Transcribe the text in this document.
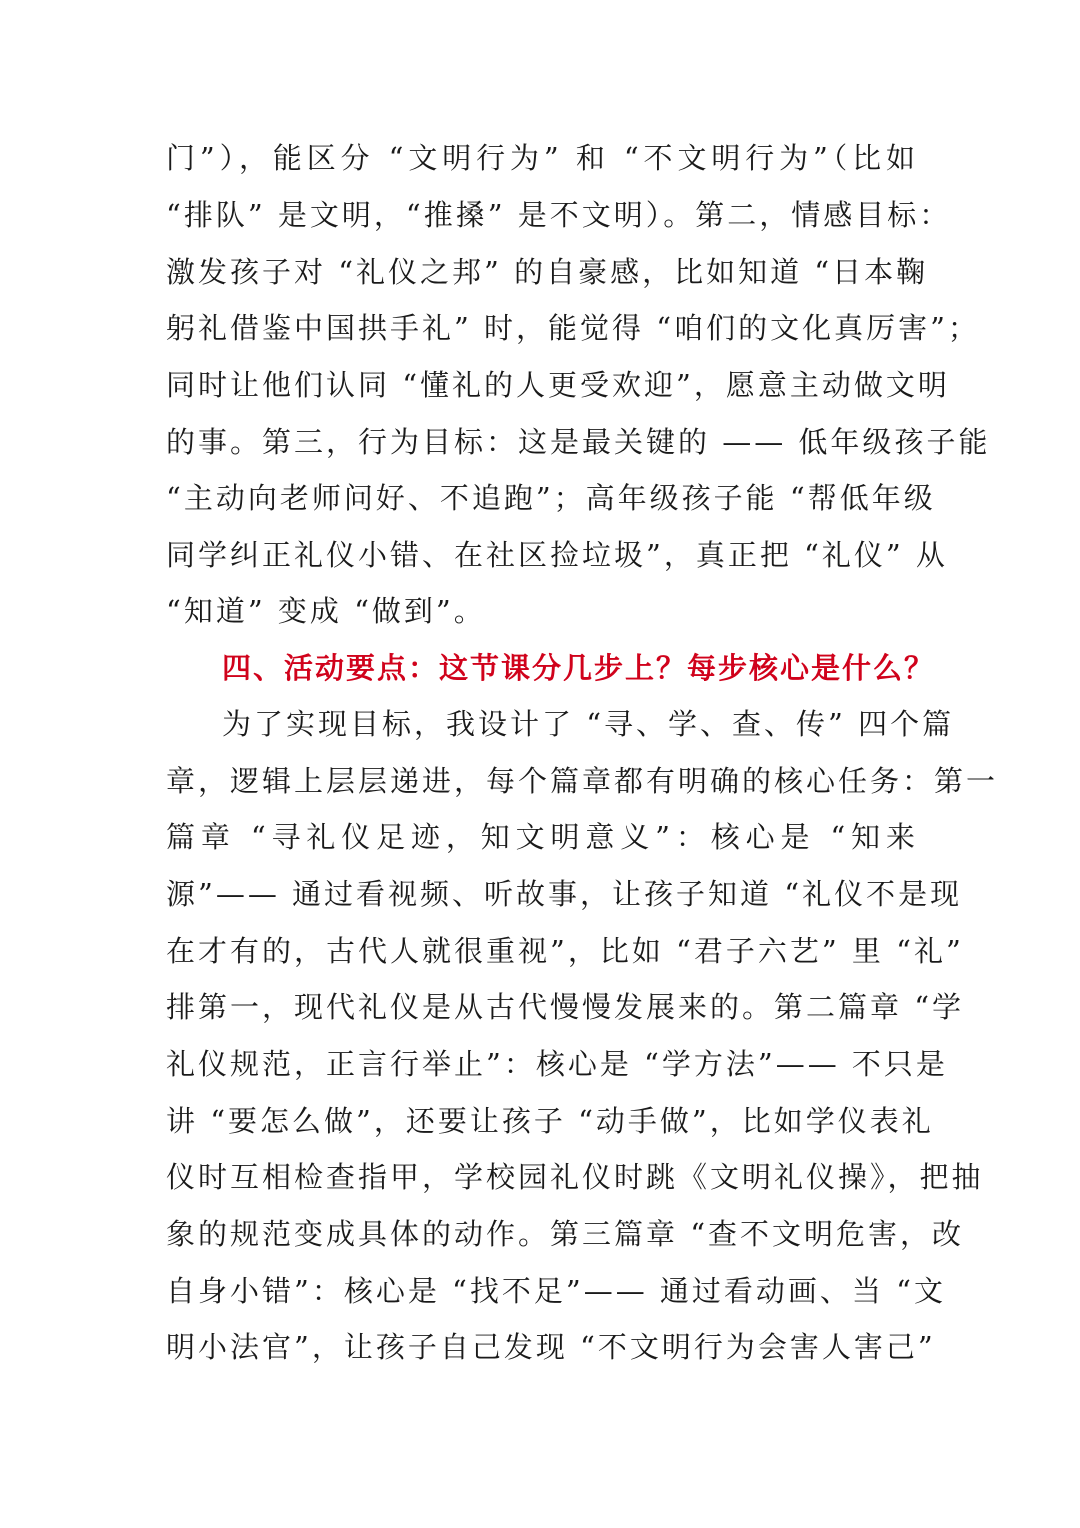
门”），能区分 “文明行为” 和 “不文明行为”（比如
“排队” 是文明，“推搡” 是不文明）。第二，情感目标：
激发孩子对 “礼仪之邦” 的自豪感，比如知道 “日本鞠
躬礼借鉴中国拱手礼” 时，能觉得 “咱们的文化真厉害”；
同时让他们认同 “懂礼的人更受欢迎”，愿意主动做文明
的事。第三，行为目标：这是最关键的 —— 低年级孩子能
“主动向老师问好、不追跑”；高年级孩子能 “帮低年级
同学纠正礼仪小错、在社区捡垃圾”，真正把 “礼仪” 从
“知道” 变成 “做到”。
四、活动要点：这节课分几步上？每步核心是什么？
为了实现目标，我设计了 “寻、学、查、传” 四个篇
章，逻辑上层层递进，每个篇章都有明确的核心任务：第一
篇章 “寻礼仪足迹，知文明意义”：核心是 “知来
源”—— 通过看视频、听故事，让孩子知道 “礼仪不是现
在才有的，古代人就很重视”，比如 “君子六艺” 里 “礼”
排第一，现代礼仪是从古代慢慢发展来的。第二篇章 “学
礼仪规范，正言行举止”：核心是 “学方法”—— 不只是
讲 “要怎么做”，还要让孩子 “动手做”，比如学仪表礼
仪时互相检查指甲，学校园礼仪时跳《文明礼仪操》，把抽
象的规范变成具体的动作。第三篇章 “查不文明危害，改
自身小错”：核心是 “找不足”—— 通过看动画、当 “文
明小法官”，让孩子自己发现 “不文明行为会害人害己”
